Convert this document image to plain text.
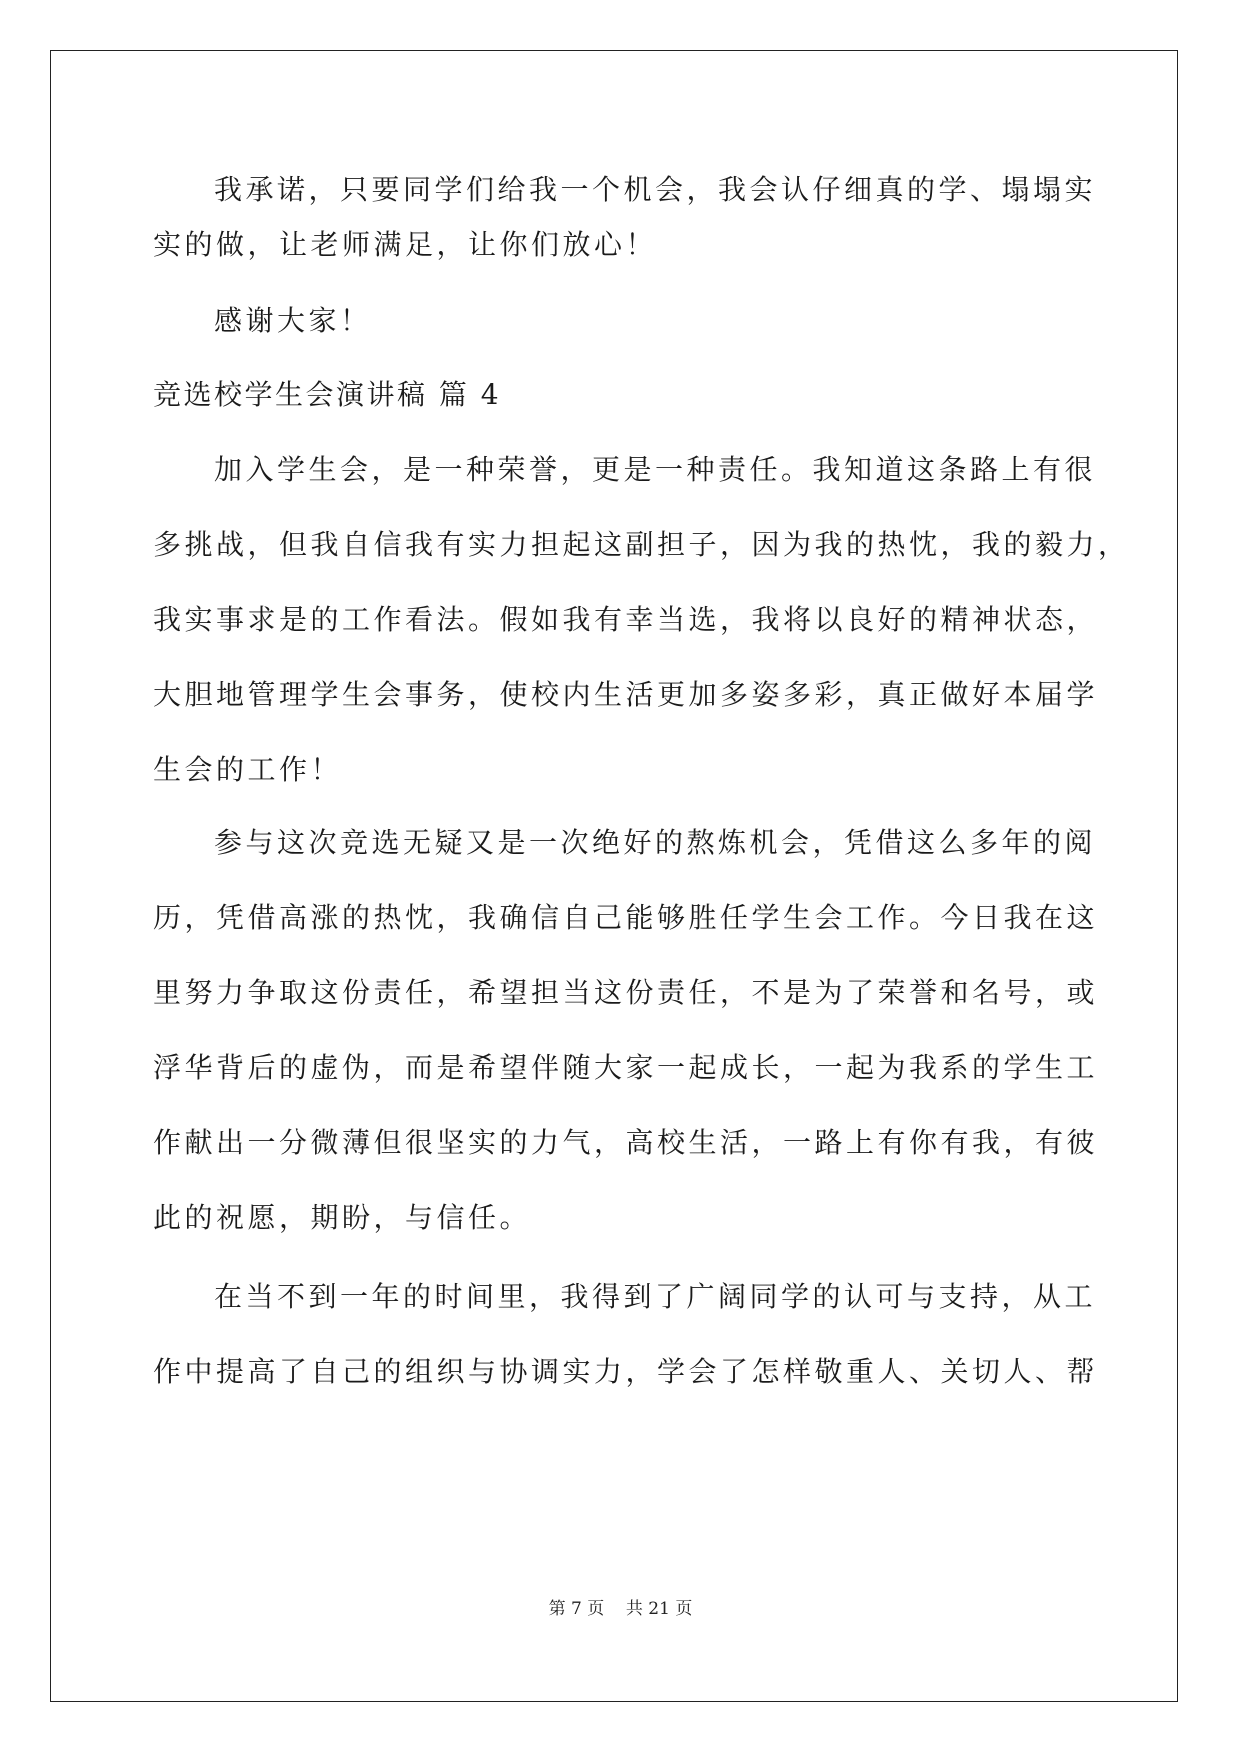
我承诺，只要同学们给我一个机会，我会认仔细真的学、塌塌实
实的做，让老师满足，让你们放心！
感谢大家！
竞选校学生会演讲稿 篇 4
加入学生会，是一种荣誉，更是一种责任。我知道这条路上有很
多挑战，但我自信我有实力担起这副担子，因为我的热忱，我的毅力，
我实事求是的工作看法。假如我有幸当选，我将以良好的精神状态，
大胆地管理学生会事务，使校内生活更加多姿多彩，真正做好本届学
生会的工作！
参与这次竞选无疑又是一次绝好的熬炼机会，凭借这么多年的阅
历，凭借高涨的热忱，我确信自己能够胜任学生会工作。今日我在这
里努力争取这份责任，希望担当这份责任，不是为了荣誉和名号，或
浮华背后的虚伪，而是希望伴随大家一起成长，一起为我系的学生工
作献出一分微薄但很坚实的力气，高校生活，一路上有你有我，有彼
此的祝愿，期盼，与信任。
在当不到一年的时间里，我得到了广阔同学的认可与支持，从工
作中提高了自己的组织与协调实力，学会了怎样敬重人、关切人、帮
第 7 页 共 21 页
